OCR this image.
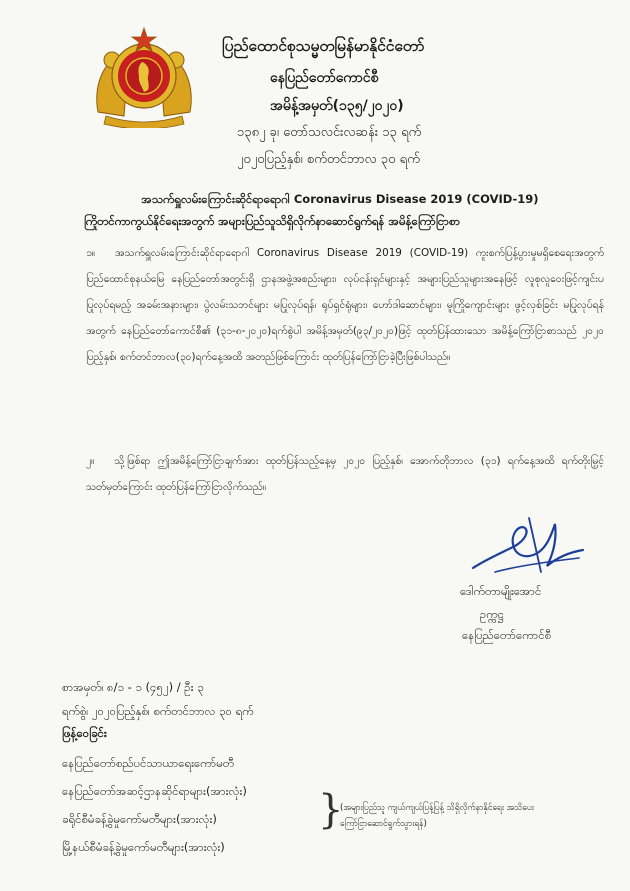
ပြည်ထောင်စုသမ္မတမြန်မာနိုင်ငံတော်
နေပြည်တော်ကောင်စီ
အမိန့်အမှတ်(၁၃၅/၂၀၂၀)
၁၃၈၂ ခု၊ တော်သလင်းလဆန်း ၁၃ ရက်
၂၀၂၀ပြည့်နှစ်၊ စက်တင်ဘာလ ၃၀ ရက်
အသက်ရှူလမ်းကြောင်းဆိုင်ရာရောဂါ Coronavirus Disease 2019 (COVID-19)
ကြိုတင်ကာကွယ်နိုင်ရေးအတွက် အများပြည်သူသိရှိလိုက်နာဆောင်ရွက်ရန် အမိန့်ကြော်ငြာစာ
၁။ အသက်ရှူလမ်းကြောင်းဆိုင်ရာရောဂါ Coronavirus Disease 2019 (COVID-19) ကူးစက်ပြန့်ပွားမှုမရှိစေရေးအတွက် ပြည်ထောင်စုနယ်မြေ နေပြည်တော်အတွင်းရှိ ဌာနအဖွဲ့အစည်းများ၊ လုပ်ငန်းရှင်များနှင့် အများပြည်သူများအနေဖြင့် လူစုလူဝေးဖြင့်ကျင်းပပြုလုပ်ရမည့် အခမ်းအနားများ၊ ပွဲလမ်းသဘင်များ မပြုလုပ်ရန်၊ ရုပ်ရှင်ရုံများ၊ ဟော်ဒါဆောင်များ၊ မူကြိုကျောင်းများ ဖွင့်လှစ်ခြင်း မပြုလုပ်ရန်အတွက် နေပြည်တော်ကောင်စီ၏ (၃၁-၈-၂၀၂၀)ရက်စွဲပါ အမိန့်အမှတ်(၉၃/၂၀၂၀)ဖြင့် ထုတ်ပြန်ထားသော အမိန့်ကြော်ငြာစာသည် ၂၀၂၀ ပြည့်နှစ်၊ စက်တင်ဘာလ(၃၀)ရက်နေ့အထိ အတည်ဖြစ်ကြောင်း ထုတ်ပြန်ကြော်ငြာခဲ့ပြီးဖြစ်ပါသည်။
၂။ သို့ဖြစ်ရာ ဤအမိန့်ကြော်ငြာချက်အား ထုတ်ပြန်သည့်နေ့မှ ၂၀၂၀ ပြည့်နှစ်၊ အောက်တိုဘာလ (၃၁) ရက်နေ့အထိ ရက်တိုးမြှင့်သတ်မှတ်ကြောင်း ထုတ်ပြန်ကြော်ငြာလိုက်သည်။
ဒေါက်တာမျိုးအောင်
ဥက္ကဋ္ဌ
နေပြည်တော်ကောင်စီ
စာအမှတ်၊ ၈/၁ - ၁ (၄၅၂) / ဦး ၃
ရက်စွဲ၊ ၂၀၂၀ပြည့်နှစ်၊ စက်တင်ဘာလ ၃၀ ရက်
ဖြန့်ဝေခြင်း
နေပြည်တော်စည်ပင်သာယာရေးကော်မတီ
နေပြည်တော်အဆင့်ဌာနဆိုင်ရာများ(အားလုံး)
ခရိုင်စီမံခန့်ခွဲမှုကော်မတီများ(အားလုံး)
မြို့နယ်စီမံခန့်ခွဲမှုကော်မတီများ(အားလုံး)
}
(အများပြည်သူ ကျယ်ကျယ်ပြန့်ပြန့် သိရှိလိုက်နာနိုင်ရေး အသိပေး
ကြော်ငြာဆောင်ရွက်သွားရန်)
